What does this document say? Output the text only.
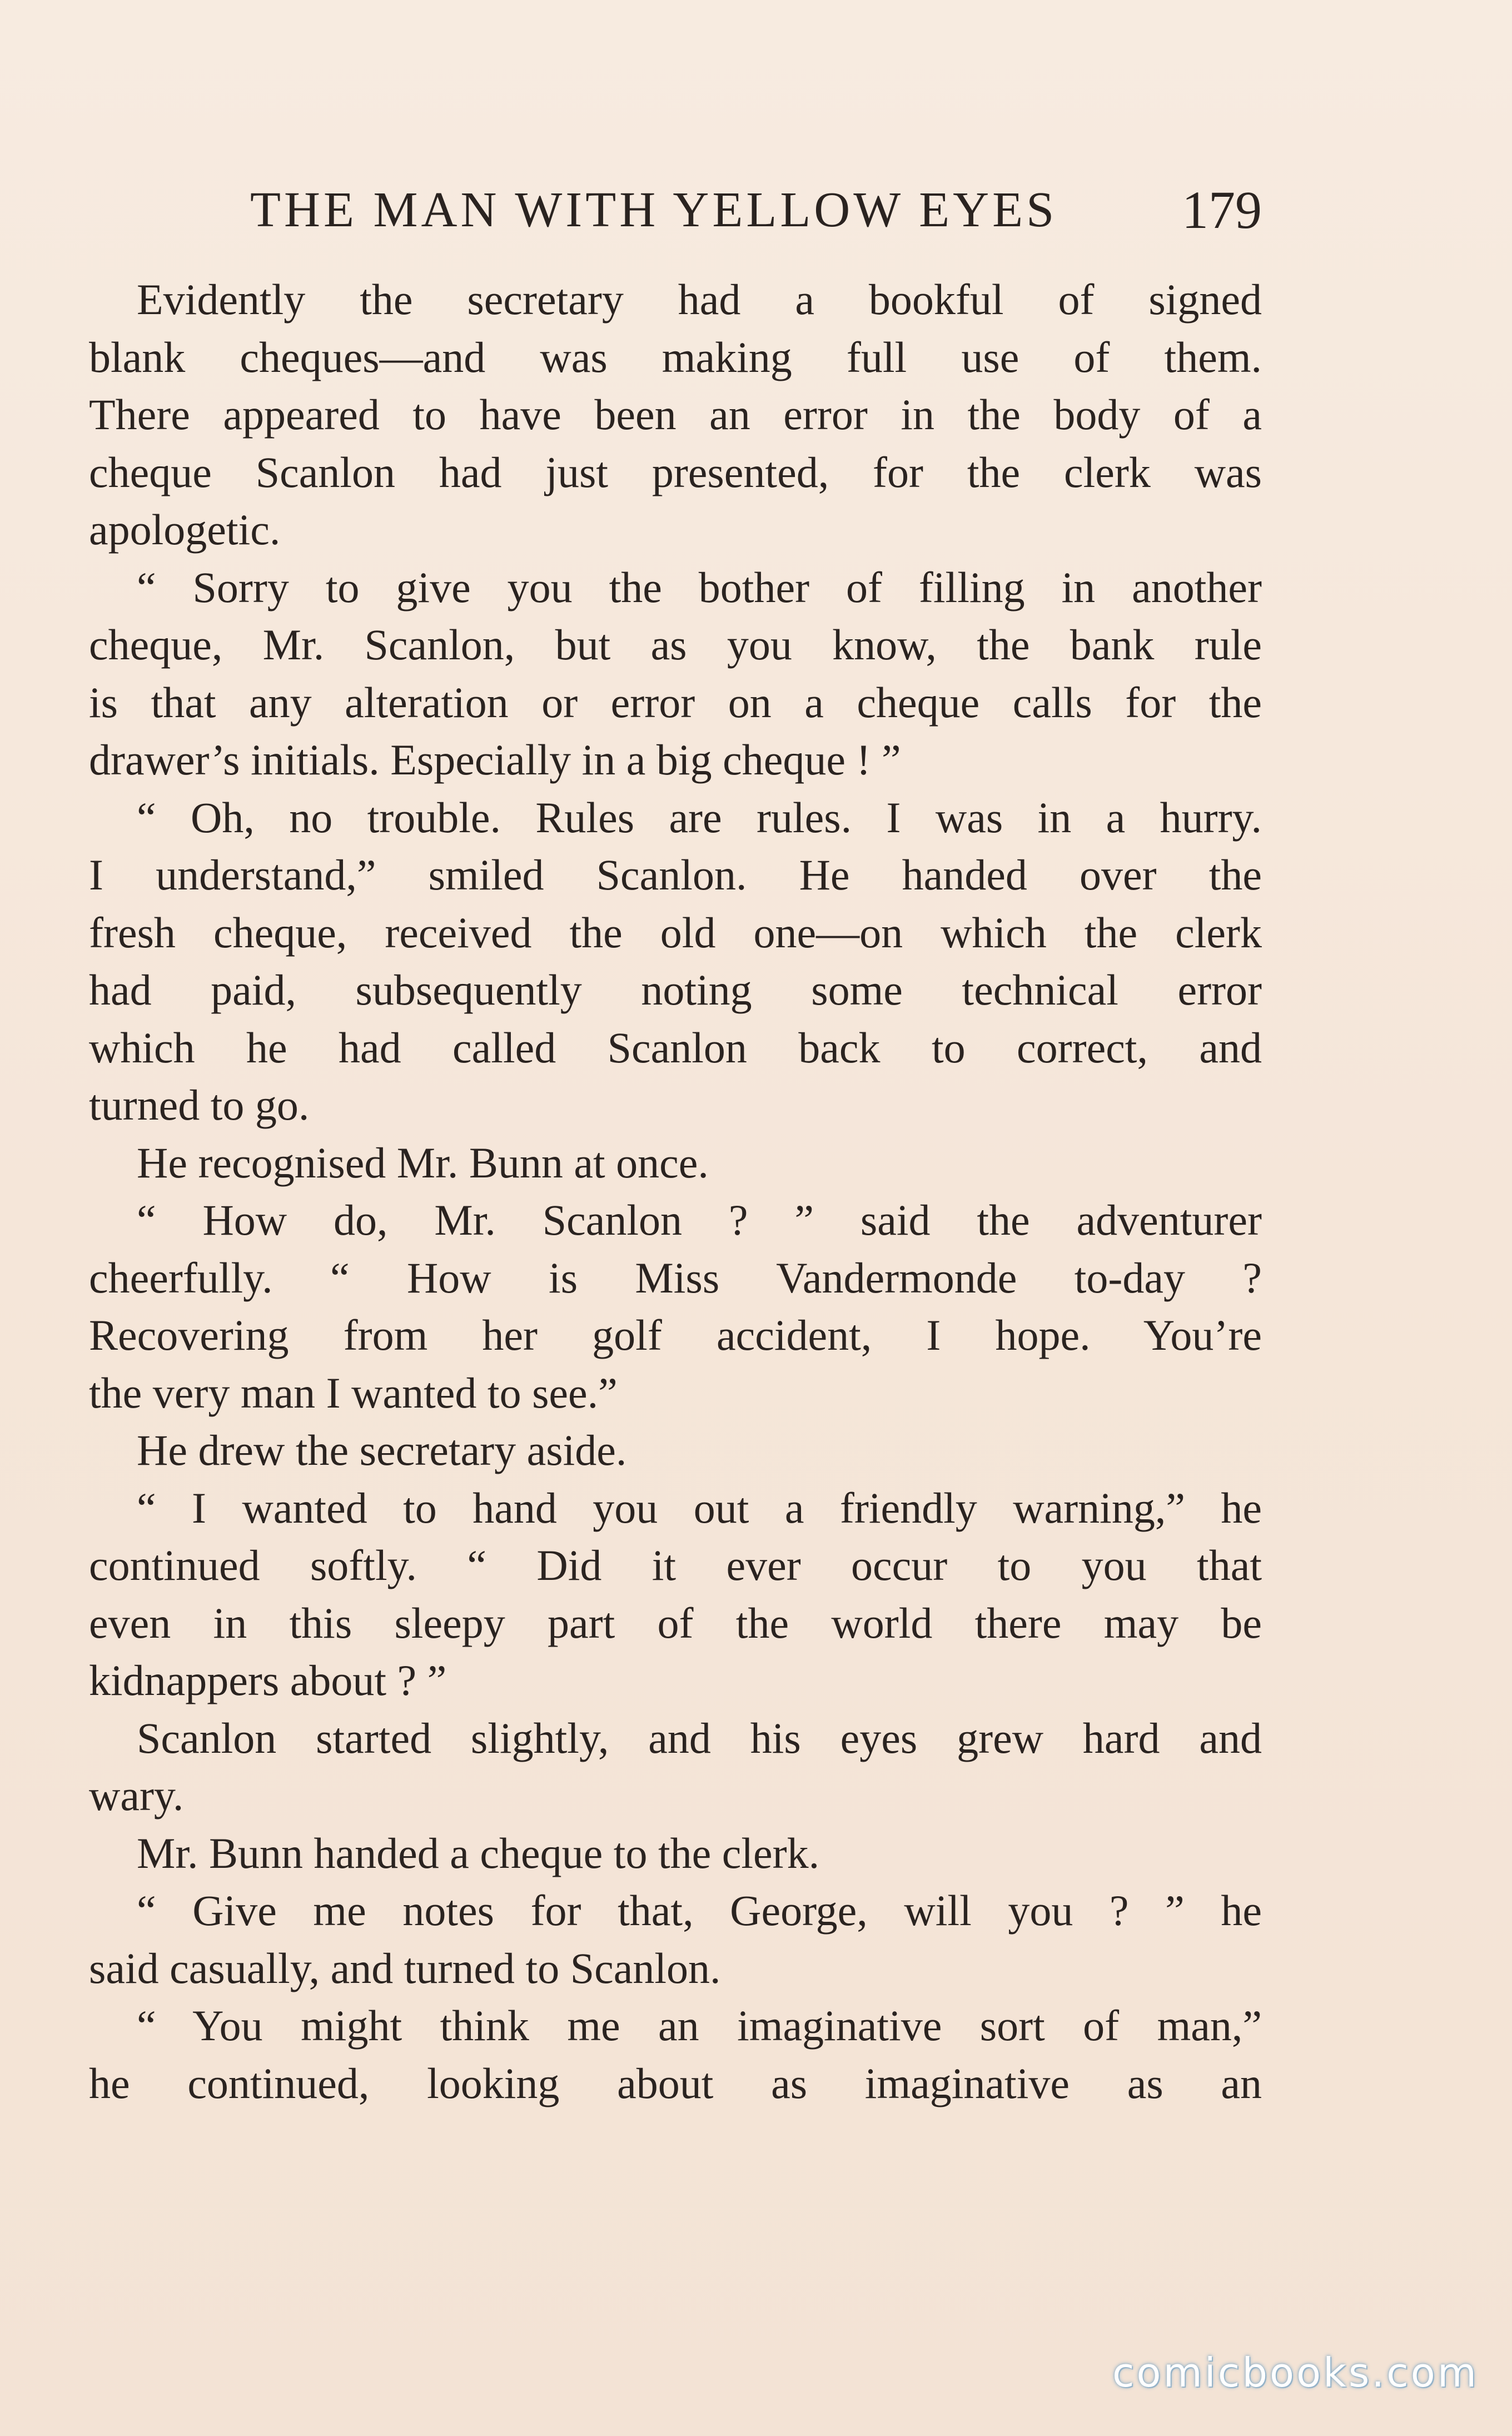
THE MAN WITH YELLOW EYES 179
Evidently the secretary had a bookful of signed
blank cheques—and was making full use of them.
There appeared to have been an error in the body of a
cheque Scanlon had just presented, for the clerk was
apologetic.
“ Sorry to give you the bother of filling in another
cheque, Mr. Scanlon, but as you know, the bank rule
is that any alteration or error on a cheque calls for the
drawer’s initials. Especially in a big cheque ! ”
“ Oh, no trouble. Rules are rules. I was in a hurry.
I understand,” smiled Scanlon. He handed over the
fresh cheque, received the old one—on which the clerk
had paid, subsequently noting some technical error
which he had called Scanlon back to correct, and
turned to go.
He recognised Mr. Bunn at once.
“ How do, Mr. Scanlon ? ” said the adventurer
cheerfully. “ How is Miss Vandermonde to-day ?
Recovering from her golf accident, I hope. You’re
the very man I wanted to see.”
He drew the secretary aside.
“ I wanted to hand you out a friendly warning,” he
continued softly. “ Did it ever occur to you that
even in this sleepy part of the world there may be
kidnappers about ? ”
Scanlon started slightly, and his eyes grew hard and
wary.
Mr. Bunn handed a cheque to the clerk.
“ Give me notes for that, George, will you ? ” he
said casually, and turned to Scanlon.
“ You might think me an imaginative sort of man,”
he continued, looking about as imaginative as an
comicbooks.com
